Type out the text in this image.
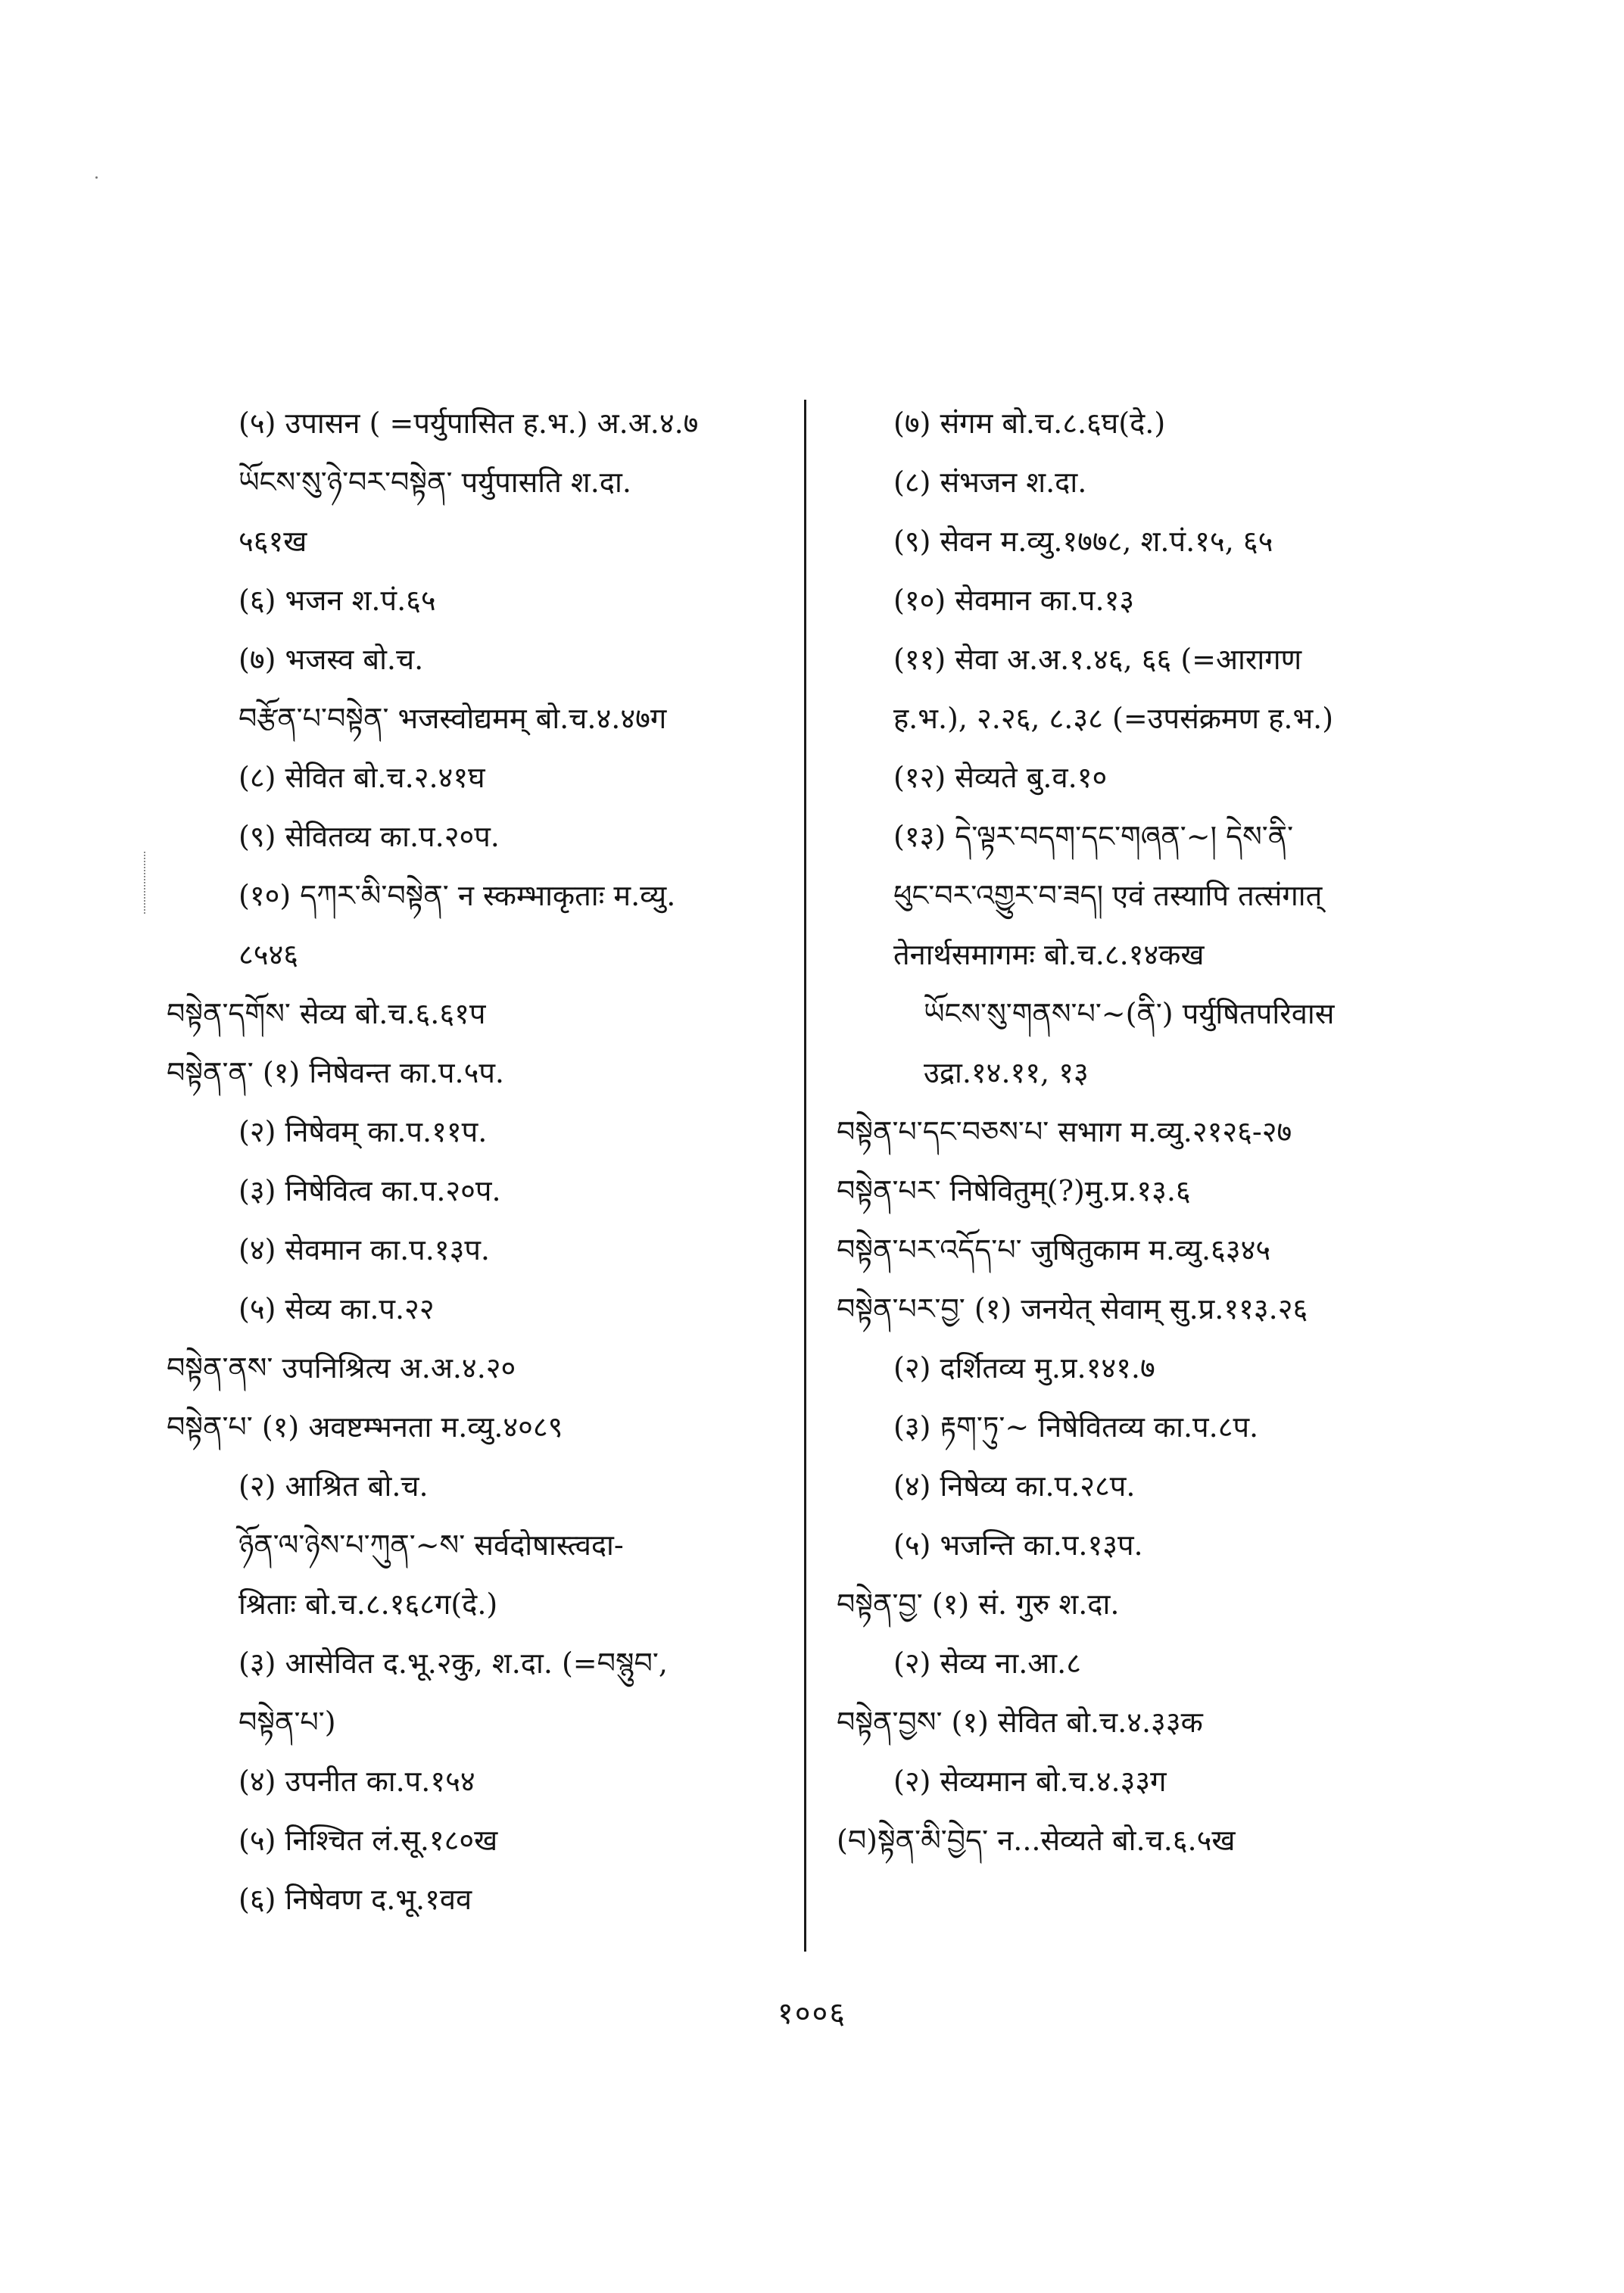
(५) उपासन ( =पर्युपासित ह.भ.) अ.अ.४.७

ཡོངས་སུ་ཉེ་བར་བསྟེན་ पर्युपासति श.दा.

५६१ख

(६) भजन श.पं.६५

(७) भजस्व बो.च.

བརྩོན་པ་བསྟེན་ भजस्वोद्यमम् बो.च.४.४७ग

(८) सेवित बो.च.२.४१घ

(९) सेवितव्य का.प.२०प.

(१०) དཀར་མི་བསྟེན་ न स्कम्भाकृताः म.व्यु.

८५४६

བསྟེན་དགོས་ सेव्य बो.च.६.६१प

བསྟེན་ན་ (१) निषेवन्त का.प.५प.

(२) निषेवम् का.प.११प.

(३) निषेवित्व का.प.२०प.

(४) सेवमान का.प.१३प.

(५) सेव्य का.प.२२

བསྟེན་ནས་ उपनिश्रित्य अ.अ.४.२०

བསྟེན་པ་ (१) अवष्टम्भनता म.व्यु.४०८९

(२) आश्रित बो.च.

ཉོན་ལ་ཉེས་པ་ཀུན་~ས་ सर्वदोषास्त्वदा-

श्रिताः बो.च.८.१६८ग(दे.)

(३) आसेवित द.भू.२कु, श.दा. (=བསྙུབ་,

བསྟེན་པ་)

(४) उपनीत का.प.१५४

(५) निश्चित लं.सू.१८०ख

(६) निषेवण द.भू.१वव

(७) संगम बो.च.८.६घ(दे.)

(८) संभजन श.दा.

(९) सेवन म.व्यु.१७७८, श.पं.१५, ६५

(१०) सेवमान का.प.१३

(११) सेवा अ.अ.१.४६, ६६ (=आरागण

ह.भ.), २.२६, ८.३८ (=उपसंक्रमण ह.भ.)

(१२) सेव्यते बु.व.१०

(१३) དེ་ལྟར་བདག་དང་གཞན་~། དེས་ནི་

ཕུང་བར་འགྱུར་བ་ཟད། एवं तस्यापि तत्संगात्

तेनार्थसमागमः बो.च.८.१४कख

ཡོངས་སུ་གནས་པ་~(ནི་) पर्युषितपरिवास

उद्रा.१४.११, १३

བསྟེན་པ་དང་བཅས་པ་ सभाग म.व्यु.२१२६-२७

བསྟེན་པར་ निषेवितुम्(?)मु.प्र.१३.६

བསྟེན་པར་འདོད་པ་ जुषितुकाम म.व्यु.६३४५

བསྟེན་པར་བྱ་ (१) जनयेत् सेवाम् सु.प्र.११३.२६

(२) दर्शितव्य मु.प्र.१४१.७

(३) རྟག་ཏུ་~ निषेवितव्य का.प.८प.

(४) निषेव्य का.प.२८प.

(५) भजन्ति का.प.१३प.

བསྟེན་བྱ་ (१) सं. गुरु श.दा.

(२) सेव्य ना.आ.८

བསྟེན་བྱས་ (१) सेवित बो.च.४.३३क

(२) सेव्यमान बो.च.४.३३ग

(བ)སྟེན་མི་བྱེད་ न...सेव्यते बो.च.६.५ख

१००६
